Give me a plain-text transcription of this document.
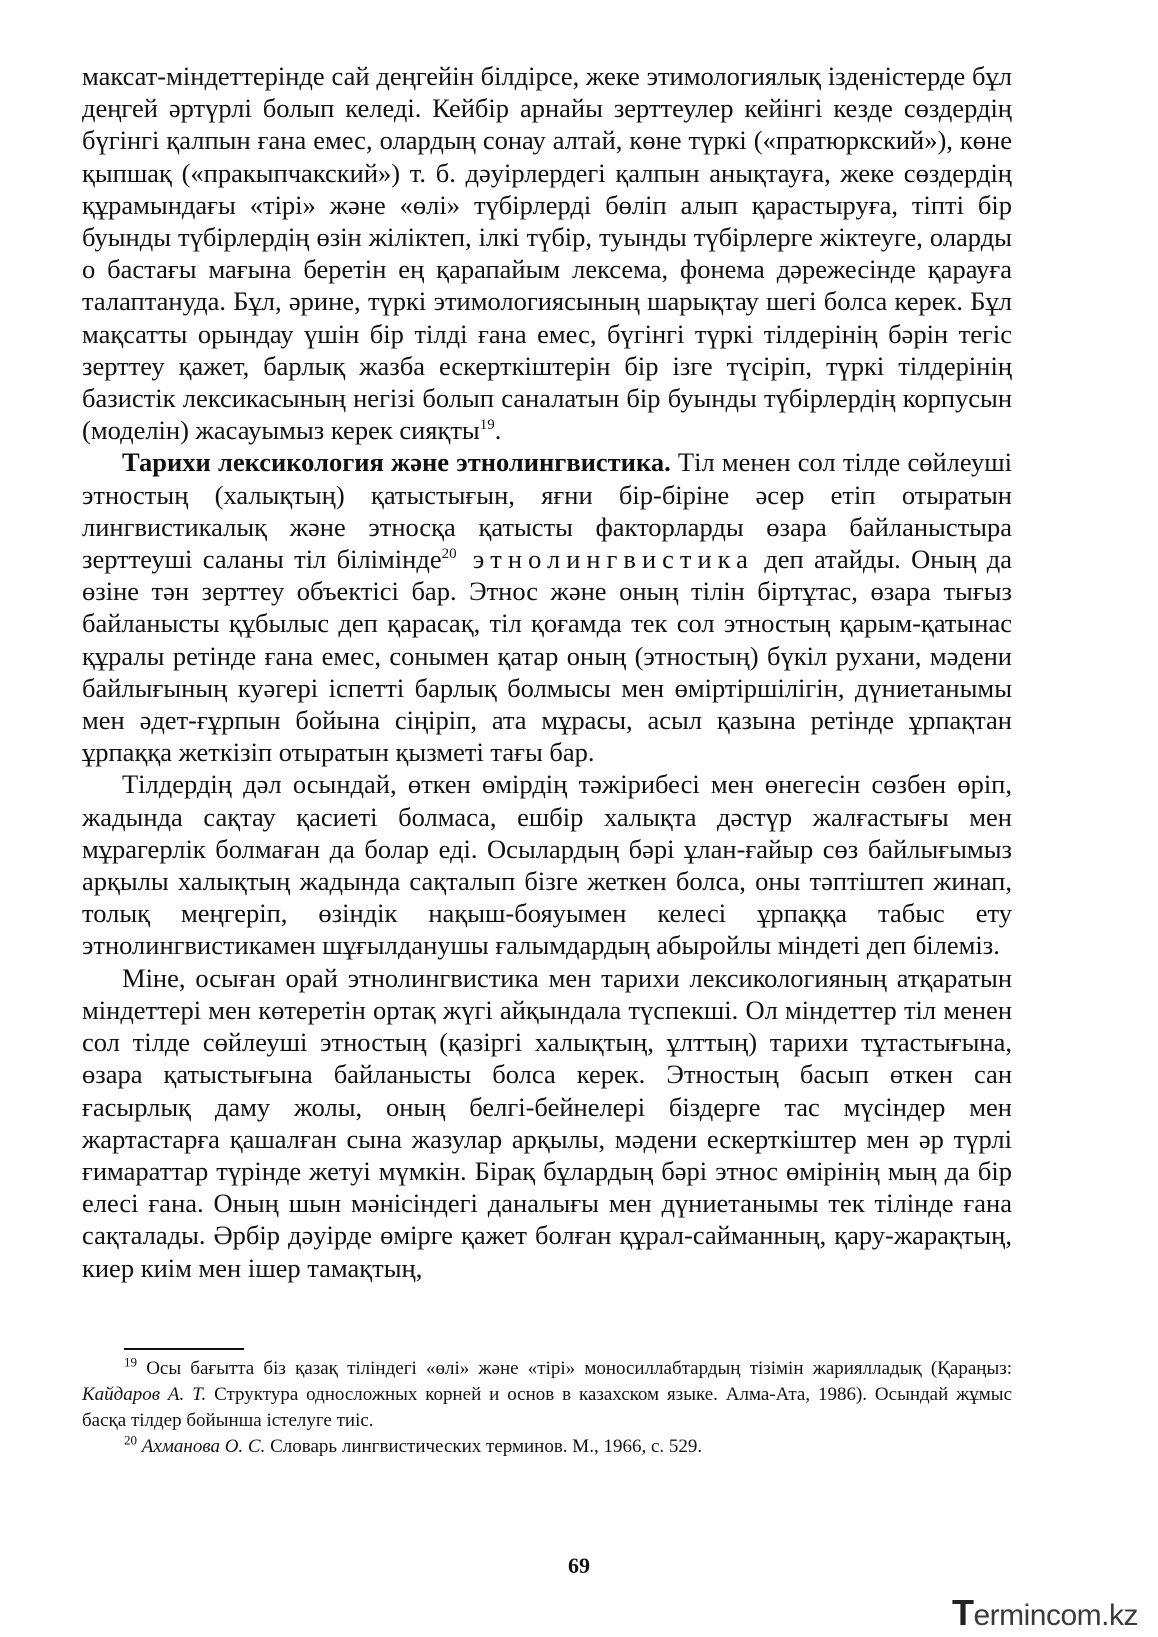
максат-міндеттерінде сай деңгейін білдірсе, жеке этимологиялық ізденістерде бұл деңгей әртүрлі болып келеді. Кейбір арнайы зерттеулер кейінгі кезде сөздердің бүгінгі қалпын ғана емес, олардың сонау алтай, көне түркі («пратюркский»), көне қыпшақ («пракыпчакский») т. б. дәуірлердегі қалпын анықтауға, жеке сөздердің құрамындағы «тірі» және «өлі» түбірлерді бөліп алып қарастыруға, тіпті бір буынды түбірлердің өзін жіліктеп, ілкі түбір, туынды түбірлерге жіктеуге, оларды о бастағы мағына беретін ең қарапайым лексема, фонема дәрежесінде қарауға талаптануда. Бұл, әрине, түркі этимологиясының шарықтау шегі болса керек. Бұл мақсатты орындау үшін бір тілді ғана емес, бүгінгі түркі тілдерінің бәрін тегіс зерттеу қажет, барлық жазба ескерткіштерін бір ізге түсіріп, түркі тілдерінің базистік лексикасының негізі болып саналатын бір буынды түбірлердің корпусын (моделін) жасауымыз керек сияқты$^{19}$.

Тарихи лексикология және этнолингвистика. Тіл менен сол тілде сөйлеуші этностың (халықтың) қатыстығын, яғни бір-біріне әсер етіп отыратын лингвистикалық және этносқа қатысты факторларды өзара байланыстыра зерттеуші саланы тіл білімінде$^{20}$ этнолингвистика деп атайды. Оның да өзіне тән зерттеу объектісі бар. Этнос және оның тілін біртұтас, өзара тығыз байланысты құбылыс деп қарасақ, тіл қоғамда тек сол этностың қарым-қатынас құралы ретінде ғана емес, сонымен қатар оның (этностың) бүкіл рухани, мәдени байлығының куәгері іспетті барлық болмысы мен өміртіршілігін, дүниетанымы мен әдет-ғұрпын бойына сіңіріп, ата мұрасы, асыл қазына ретінде ұрпақтан ұрпаққа жеткізіп отыратын қызметі тағы бар.

Тілдердің дәл осындай, өткен өмірдің тәжірибесі мен өнегесін сөзбен өріп, жадында сақтау қасиеті болмаса, ешбір халықта дәстүр жалғастығы мен мұрагерлік болмаған да болар еді. Осылардың бәрі ұлан-ғайыр сөз байлығымыз арқылы халықтың жадында сақталып бізге жеткен болса, оны тәптіштеп жинап, толық меңгеріп, өзіндік нақыш-бояуымен келесі ұрпаққа табыс ету этнолингвистикамен шұғылданушы ғалымдардың абыройлы міндеті деп білеміз.

Міне, осыған орай этнолингвистика мен тарихи лексикологияның атқаратын міндеттері мен көтеретін ортақ жүгі айқындала түспекші. Ол міндеттер тіл менен сол тілде сөйлеуші этностың (қазіргі халықтың, ұлттың) тарихи тұтастығына, өзара қатыстығына байланысты болса керек. Этностың басып өткен сан ғасырлық даму жолы, оның белгі-бейнелері біздерге тас мүсіндер мен жартастарға қашалған сына жазулар арқылы, мәдени ескерткіштер мен әр түрлі ғимараттар түрінде жетуі мүмкін. Бірақ бұлардың бәрі этнос өмірінің мың да бір елесі ғана. Оның шын мәнісіндегі даналығы мен дүниетанымы тек тілінде ғана сақталады. Әрбір дәуірде өмірге қажет болған құрал-сайманның, қару-жарақтың, киер киім мен ішер тамақтың,

$^{19}$ Осы бағытта біз қазақ тіліндегі «өлі» және «тірі» моносиллабтардың тізімін жариялладық (Қараңыз: Кайдаров А. Т. Структура односложных корней и основ в казахском языке. Алма-Ата, 1986). Осындай жұмыс басқа тілдер бойынша істелуге тиіс.

$^{20}$ Ахманова О. С. Словарь лингвистических терминов. М., 1966, с. 529.

69
Termincom.kz
